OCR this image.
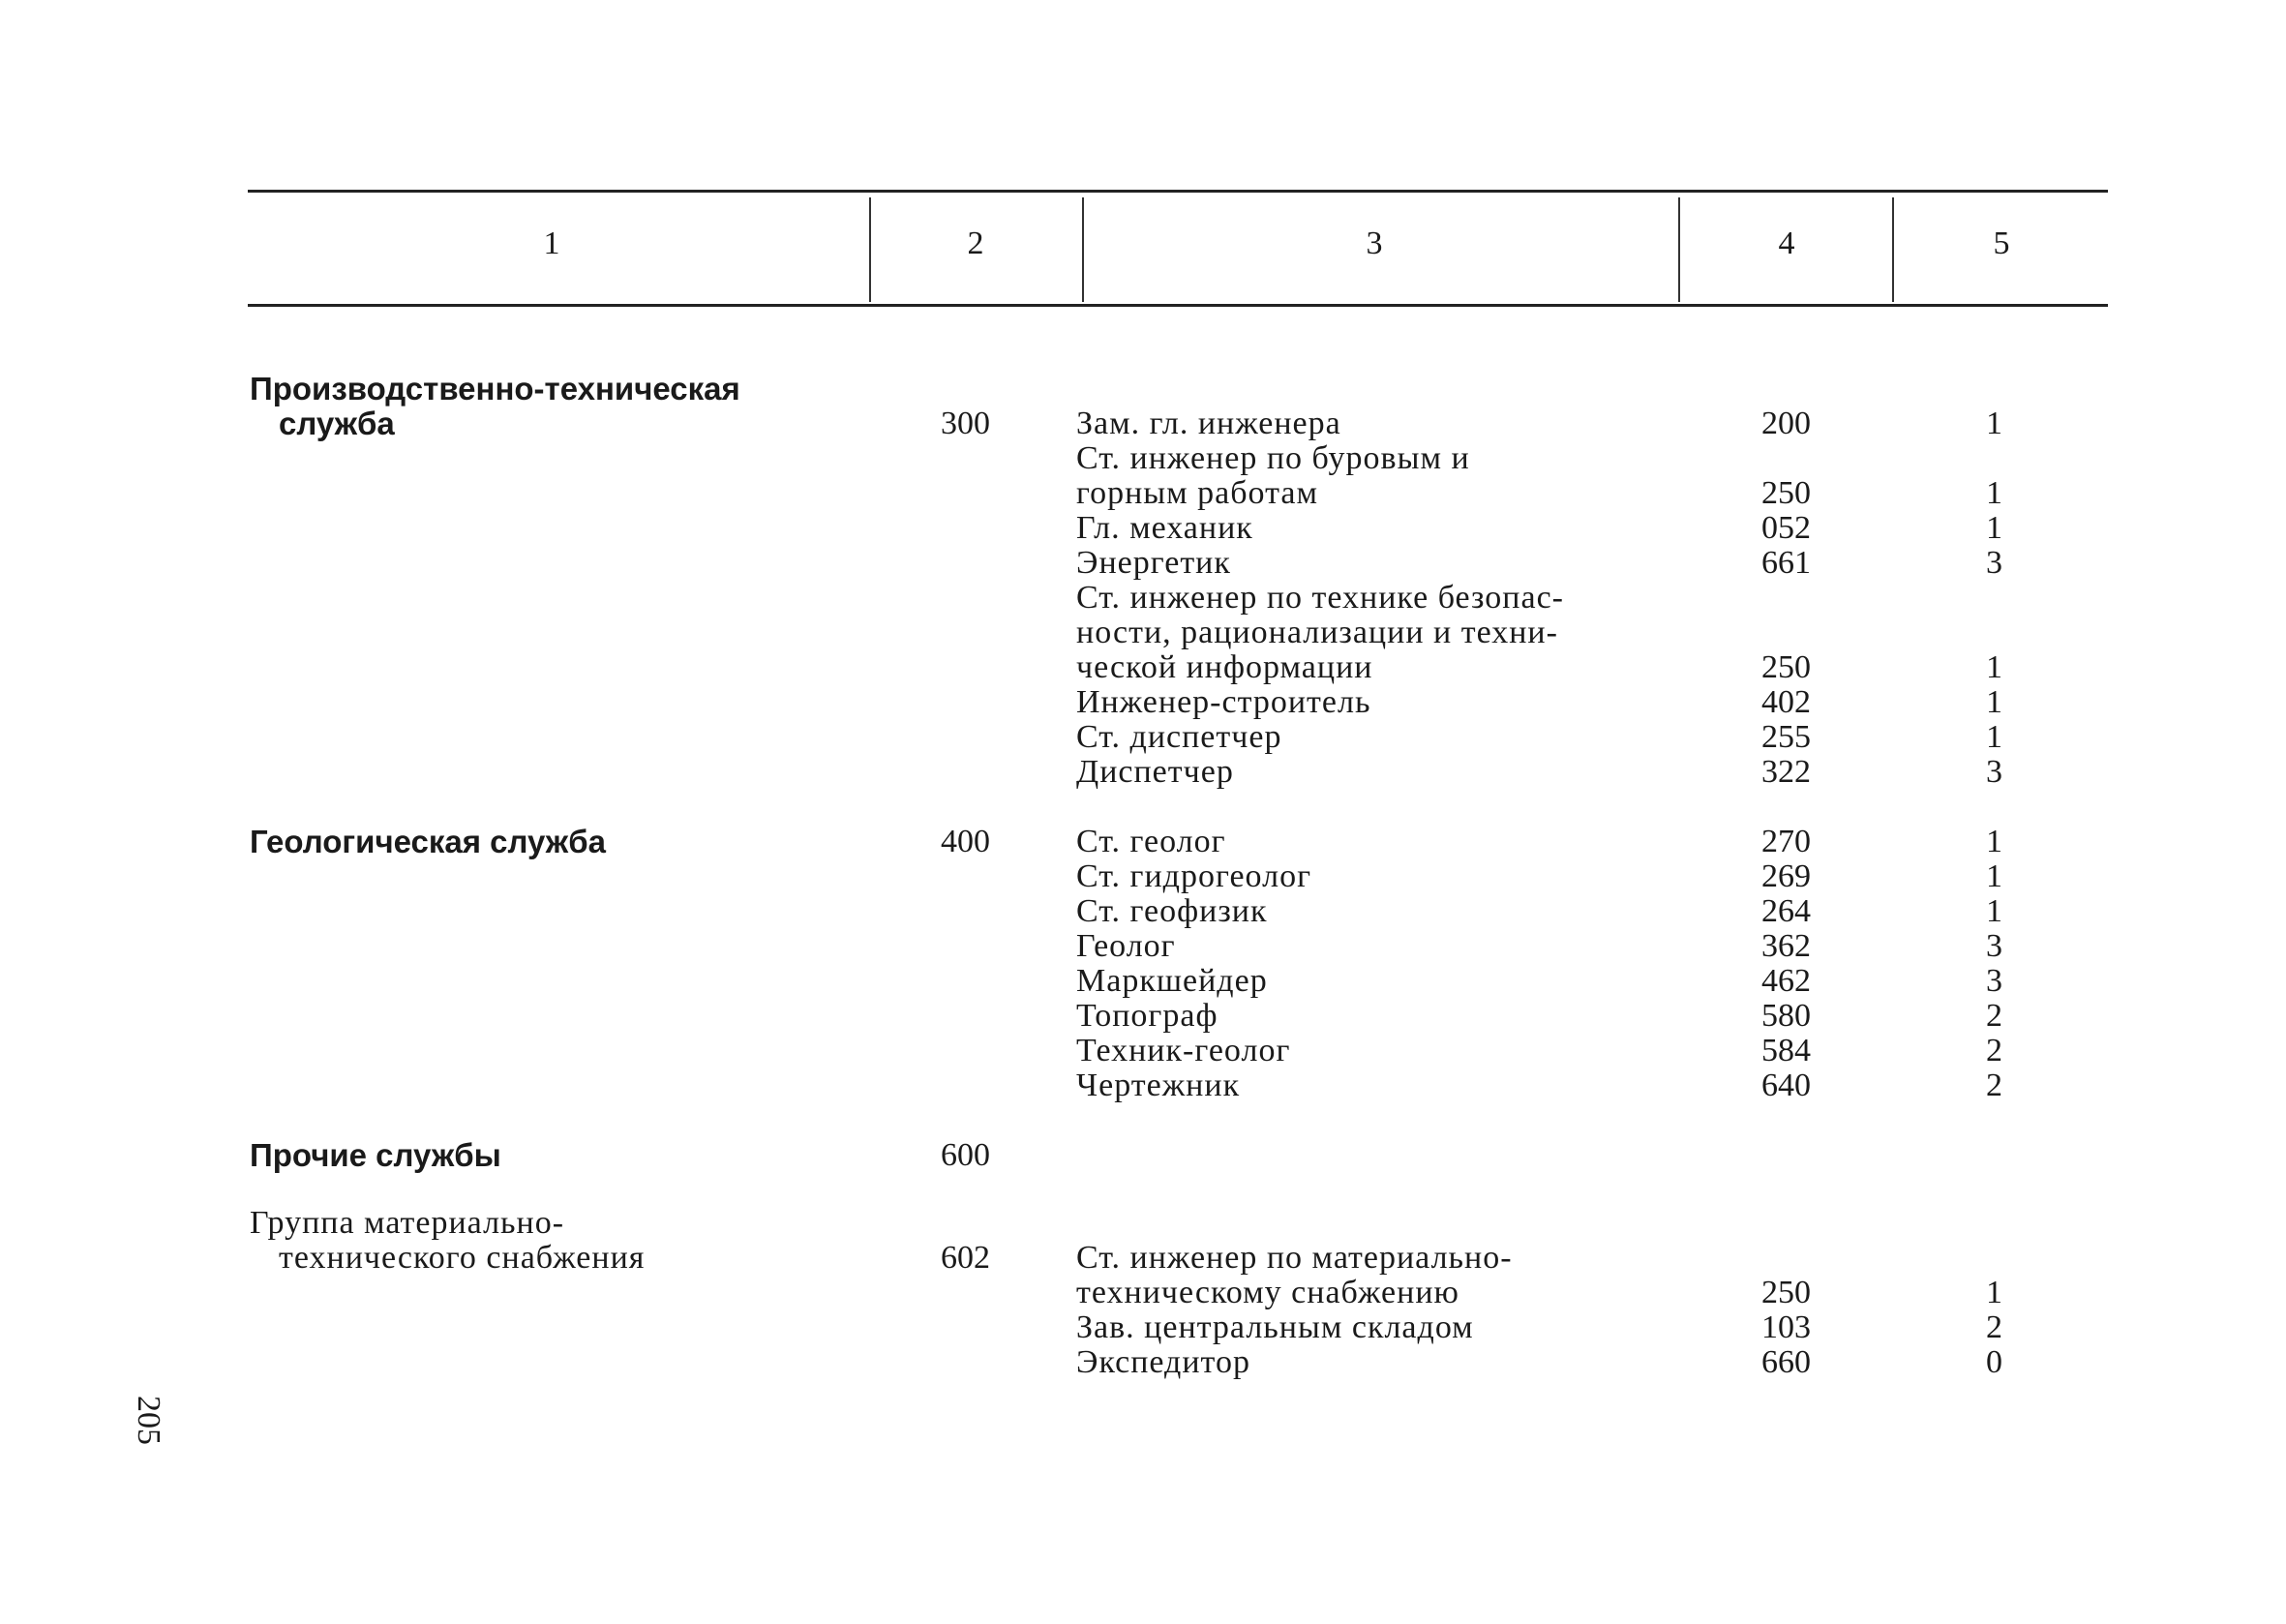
1	2	3	4	5
Производственно-техническая
служба	300	Зам. гл. инженера	200	1
Ст. инженер по буровым и
горным работам	250	1
Гл. механик	052	1
Энергетик	661	3
Ст. инженер по технике безопас-
ности, рационализации и техни-
ческой информации	250	1
Инженер-строитель	402	1
Ст. диспетчер	255	1
Диспетчер	322	3
Геологическая служба	400	Ст. геолог	270	1
Ст. гидрогеолог	269	1
Ст. геофизик	264	1
Геолог	362	3
Маркшейдер	462	3
Топограф	580	2
Техник-геолог	584	2
Чертежник	640	2
Прочие службы	600
Группа материально-
технического снабжения	602	Ст. инженер по материально-
техническому снабжению	250	1
Зав. центральным складом	103	2
Экспедитор	660	0
205
